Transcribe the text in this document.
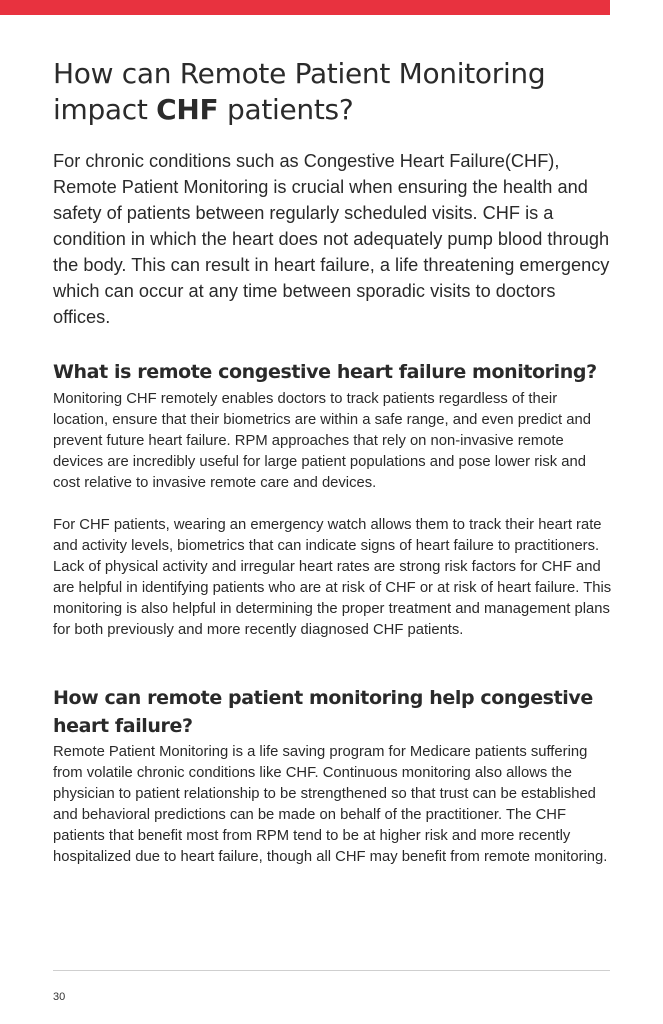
How can Remote Patient Monitoring impact CHF patients?

For chronic conditions such as Congestive Heart Failure(CHF), Remote Patient Monitoring is crucial when ensuring the health and safety of patients between regularly scheduled visits. CHF is a condition in which the heart does not adequately pump blood through the body. This can result in heart failure, a life threatening emergency which can occur at any time between sporadic visits to doctors offices.

What is remote congestive heart failure monitoring?

Monitoring CHF remotely enables doctors to track patients regardless of their location, ensure that their biometrics are within a safe range, and even predict and prevent future heart failure. RPM approaches that rely on non-invasive remote devices are incredibly useful for large patient populations and pose lower risk and cost relative to invasive remote care and devices.

For CHF patients, wearing an emergency watch allows them to track their heart rate and activity levels, biometrics that can indicate signs of heart failure to practitioners. Lack of physical activity and irregular heart rates are strong risk factors for CHF and are helpful in identifying patients who are at risk of CHF or at risk of heart failure. This monitoring is also helpful in determining the proper treatment and management plans for both previously and more recently diagnosed CHF patients.

How can remote patient monitoring help congestive heart failure?

Remote Patient Monitoring is a life saving program for Medicare patients suffering from volatile chronic conditions like CHF. Continuous monitoring also allows the physician to patient relationship to be strengthened so that trust can be established and behavioral predictions can be made on behalf of the practitioner. The CHF patients that benefit most from RPM tend to be at higher risk and more recently hospitalized due to heart failure, though all CHF may benefit from remote monitoring.

30
